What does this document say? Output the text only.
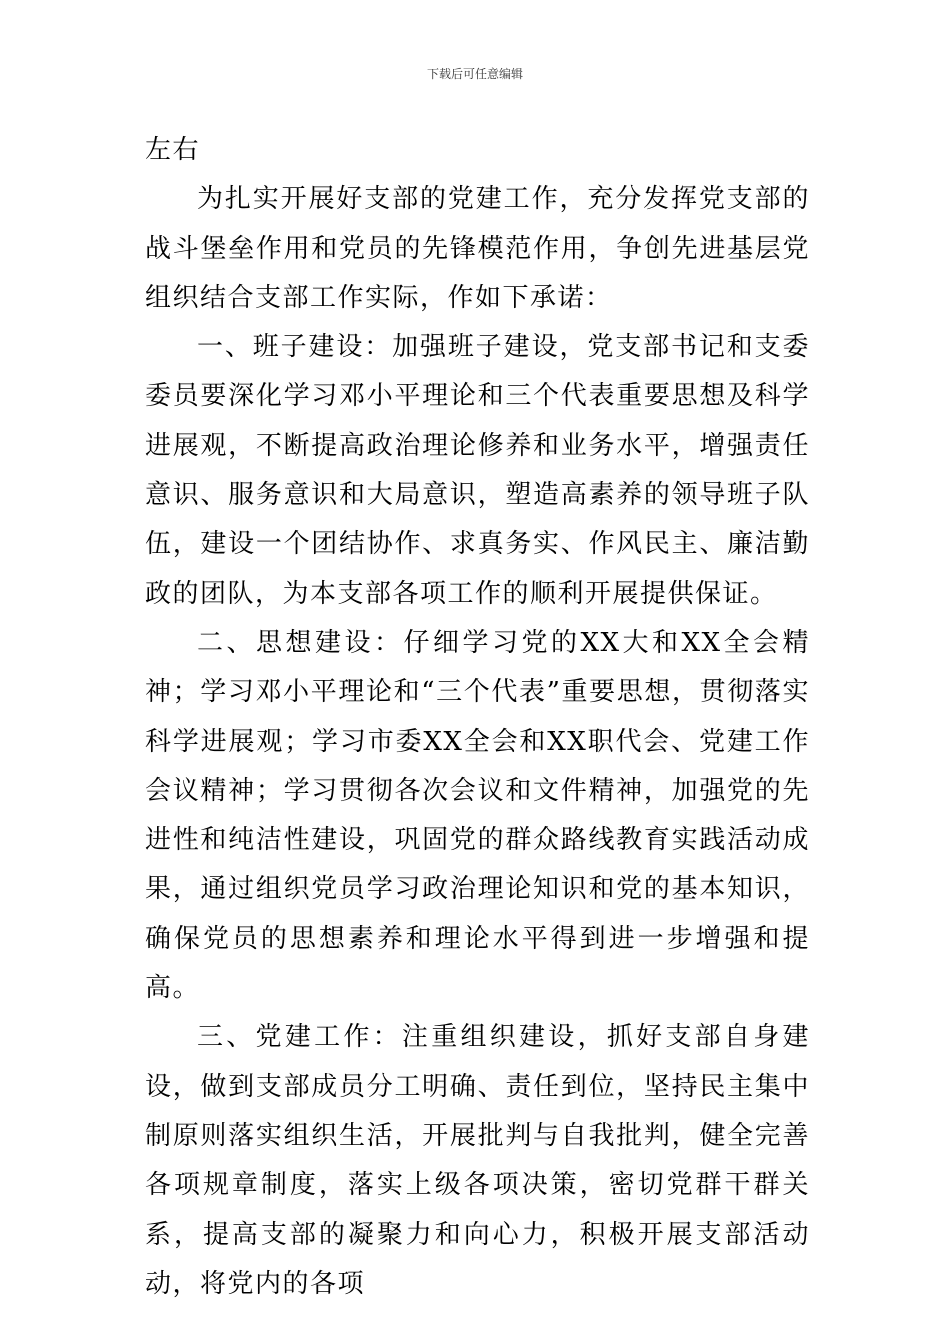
下载后可任意编辑

左右

为扎实开展好支部的党建工作，充分发挥党支部的战斗堡垒作用和党员的先锋模范作用，争创先进基层党组织结合支部工作实际，作如下承诺：

一、班子建设：加强班子建设，党支部书记和支委委员要深化学习邓小平理论和三个代表重要思想及科学进展观，不断提高政治理论修养和业务水平，增强责任意识、服务意识和大局意识，塑造高素养的领导班子队伍，建设一个团结协作、求真务实、作风民主、廉洁勤政的团队，为本支部各项工作的顺利开展提供保证。

二、思想建设：仔细学习党的XX大和XX全会精神；学习邓小平理论和“三个代表”重要思想，贯彻落实科学进展观；学习市委XX全会和XX职代会、党建工作会议精神；学习贯彻各次会议和文件精神，加强党的先进性和纯洁性建设，巩固党的群众路线教育实践活动成果，通过组织党员学习政治理论知识和党的基本知识，确保党员的思想素养和理论水平得到进一步增强和提高。

三、党建工作：注重组织建设，抓好支部自身建设，做到支部成员分工明确、责任到位，坚持民主集中制原则落实组织生活，开展批判与自我批判，健全完善各项规章制度，落实上级各项决策，密切党群干群关系，提高支部的凝聚力和向心力，积极开展支部活动动，将党内的各项
